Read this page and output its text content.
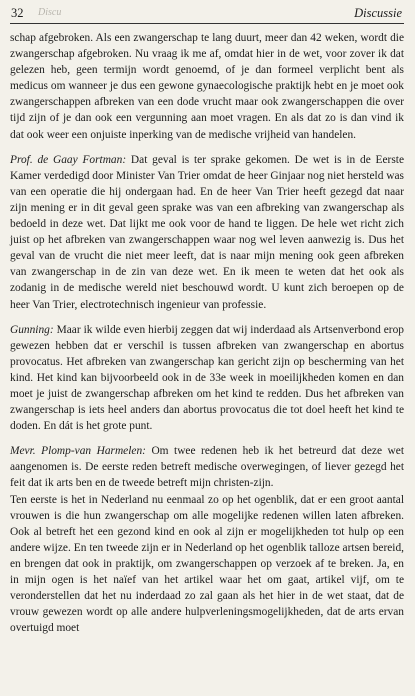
32 Discu	Discussie

schap afgebroken. Als een zwangerschap te lang duurt, meer dan 42 weken, wordt die zwangerschap afgebroken. Nu vraag ik me af, omdat hier in de wet, voor zover ik dat gelezen heb, geen termijn wordt genoemd, of je dan formeel verplicht bent als medicus om wanneer je dus een gewone gynaecologische praktijk hebt en je moet ook zwangerschappen afbreken van een dode vrucht maar ook zwangerschappen die over tijd zijn of je dan ook een vergunning aan moet vragen. En als dat zo is dan vind ik dat ook weer een onjuiste inperking van de medische vrijheid van handelen.

Prof. de Gaay Fortman: Dat geval is ter sprake gekomen. De wet is in de Eerste Kamer verdedigd door Minister Van Trier omdat de heer Ginjaar nog niet hersteld was van een operatie die hij ondergaan had. En de heer Van Trier heeft gezegd dat naar zijn mening er in dit geval geen sprake was van een afbreking van zwangerschap als bedoeld in deze wet. Dat lijkt me ook voor de hand te liggen. De hele wet richt zich juist op het afbreken van zwangerschappen waar nog wel leven aanwezig is. Dus het geval van de vrucht die niet meer leeft, dat is naar mijn mening ook geen afbreken van zwangerschap in de zin van deze wet. En ik meen te weten dat het ook als zodanig in de medische wereld niet beschouwd wordt. U kunt zich beroepen op de heer Van Trier, electrotechnisch ingenieur van professie.

Gunning: Maar ik wilde even hierbij zeggen dat wij inderdaad als Artsenverbond erop gewezen hebben dat er verschil is tussen afbreken van zwangerschap en abortus provocatus. Het afbreken van zwangerschap kan gericht zijn op bescherming van het kind. Het kind kan bijvoorbeeld ook in de 33e week in moeilijkheden komen en dan moet je juist de zwangerschap afbreken om het kind te redden. Dus het afbreken van zwangerschap is iets heel anders dan abortus provocatus die tot doel heeft het kind te doden. En dát is het grote punt.

Mevr. Plomp-van Harmelen: Om twee redenen heb ik het betreurd dat deze wet aangenomen is. De eerste reden betreft medische overwegingen, of liever gezegd het feit dat ik arts ben en de tweede betreft mijn christen-zijn.

Ten eerste is het in Nederland nu eenmaal zo op het ogenblik, dat er een groot aantal vrouwen is die hun zwangerschap om alle mogelijke redenen willen laten afbreken. Ook al betreft het een gezond kind en ook al zijn er mogelijkheden tot hulp op een andere wijze. En ten tweede zijn er in Nederland op het ogenblik talloze artsen bereid, en brengen dat ook in praktijk, om zwangerschappen op verzoek af te breken. Ja, en in mijn ogen is het naïef van het artikel waar het om gaat, artikel vijf, om te veronderstellen dat het nu inderdaad zo zal gaan als het hier in de wet staat, dat de vrouw gewezen wordt op alle andere hulpverleningsmogelijkheden, dat de arts ervan overtuigd moet
